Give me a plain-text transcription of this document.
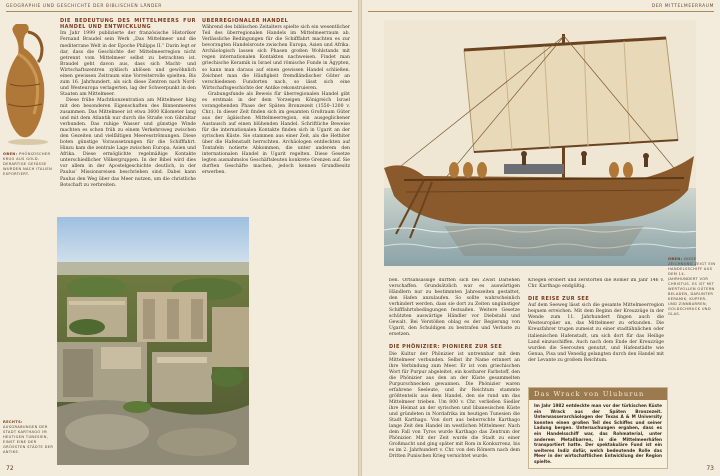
GEOGRAPHIE UND GESCHICHTE DER BIBLISCHEN LÄNDER
OBEN: PHÖNIZISCHER KRUG AUS GOLD. DERARTIGE GEFÄSSE WURDEN NACH ITALIEN EXPORTIERT.
DIE BEDEUTUNG DES MITTELMEERS FÜR HANDEL UND ENTWICKLUNG

Im Jahr 1999 publizierte der französische Historiker Fernand Braudel sein Werk „Das Mittelmeer und die mediterrane Welt in der Epoche Philipps II.“ Darin legt er dar, dass die Geschichte der Mittelmeerregion nicht getrennt vom Mittelmeer selbst zu betrachten ist. Braudel geht davon aus, dass sich Macht- und Wirtschaftszentren zyklisch ablösen und gewöhnlich einen gewissen Zeitraum eine Vorreiterrolle spielten. Bis zum 16. Jahrhundert, als sich diese Zentren nach Nord- und Westeuropa verlagerten, lag der Schwerpunkt in den Staaten am Mittelmeer.

Diese frühe Machtkonzentration am Mittelmeer hing mit den besonderen Eigenschaften des Binnenmeeres zusammen. Das Mittelmeer ist etwa 3600 Kilometer lang und mit dem Atlantik nur durch die Straße von Gibraltar verbunden. Das ruhige Wasser und günstige Winde machten es schon früh zu einem Verkehrsweg zwischen den Gezeiten und vielfältigen Meeresströmungen. Diese boten günstige Voraussetzungen für die Schifffahrt. Hinzu kam die zentrale Lage zwischen Europa, Asien und Afrika. Diese ermöglichte regelmäßige Kontakte unterschiedlicher Völkergruppen. In der Bibel wird dies vor allem in der Apostelgeschichte deutlich, in der Paulus’ Missionsreisen beschrieben sind. Dabei kann Paulus den Weg über das Meer nutzen, um die christliche Botschaft zu verbreiten.

ÜBERREGIONALER HANDEL

Während des biblischen Zeitalters spielte sich ein wesentlicher Teil des überregionalen Handels im Mittelmeerraum ab. Verlässliche Bedingungen für die Schifffahrt machten es zur bevorzugten Handelsroute zwischen Europa, Asien und Afrika. Archäologisch lassen sich Phasen großen Wohlstands mit regen internationalen Kontakten nachweisen. Findet man griechische Keramik in Israel und römische Funde in Ägypten, so kann man daraus auf einen gewissen Handel schließen. Zeichnet man die Häufigkeit fremdländischer Güter an verschiedenen Fundorten nach, so lässt sich eine Wirtschaftsgeschichte der Antike rekonstruieren.

Grabungsfunde als Beweis für überregionalen Handel gibt es erstmals in der dem Vorzeigen Königreich Israel vorangehenden Phase der Späten Bronzezeit (1550–1200 v. Chr.). In dieser Zeit finden sich im gesamten Großraum Güter aus der ägäischen Mittelmeerregion, ein ausgeglichener Austausch auf einen blühenden Handel. Schriftliche Beweise für die internationalen Kontakte finden sich in Ugarit an der syrischen Küste. Sie stammen aus einer Zeit, als die Hethiter über die Hafenstadt herrschten. Archäologen entdeckten auf Tontafeln notierte Abkommen, die unter anderem den internationalen Handel in Ugarit regelten. Diese Gesetze legten ausnahmslos Geschäftsleuten konkrete Grenzen auf. Sie durften Geschäfte machen, jedoch kennen Grundbesitz erwerben.

RECHTS: AUSGRABUNGEN DER STADT KARTHAGO IM HEUTIGEN TUNESIEN, EINST EINE DER GRÖSSTEN STÄDTE DER ANTIKE.
72
DER MITTELMEERRAUM
OBEN: DIESE ZEICHNUNG ZEIGT EIN HANDELSSCHIFF AUS DEM 14. JAHRHUNDERT VOR CHRISTUS. ES IST MIT WERTVOLLEN GÜTERN BELADEN, DARUNTER KERAMIK, KUPFER- UND ZINNBARREN, GOLDSCHMUCK UND GLAS.

ben. Ortsansässige durften sich bei Zwist Darlehen verschaffen. Grundsätzlich war es auswärtigen Händlern nur zu bestimmten Jahreszeiten gestattet, den Hafen anzulaufen. So sollte wahrscheinlich verhindert werden, dass sie dort zu Zeiten ungünstiger Schifffahrtsbedingungen festsaßen. Weitere Gesetze schützten auswärtige Händler vor Diebstahl und Gewalt. Bei Verstößen oblag es der Regierung von Ugarit, den Schuldigen zu bestrafen und Verluste zu ersetzen.

DIE PHÖNIZIER: PIONIERE ZUR SEE

Die Kultur der Phönizier ist untrennbar mit dem Mittelmeer verbunden. Selbst ihr Name erinnert an ihre Verbindung zum Meer. Er ist vom griechischen Wort für Purpur abgeleitet, ein kostbarer Farbstoff, den die Phönizier aus den an der Küste gesammelten Purpurschnecken gewannen. Die Phönizier waren erfahrene Seeleute, und ihr Reichtum stammte größtenteils aus dem Handel, den sie rund um das Mittelmeer trieben. Um 800 v. Chr. verließen Siedler ihre Heimat an der syrischen und libanesischen Küste und gründeten in Nordafrika im heutigen Tunesien die Stadt Karthago. Von dort aus beherrschte Karthago lange Zeit den Handel im westlichen Mittelmeer. Nach dem Fall von Tyros wurde Karthago das Zentrum der Phönizier. Mit der Zeit wurde die Stadt zu einer Großmacht und ging später mit Rom in Konkurrenz, bis es im 2. Jahrhundert v. Chr. von den Römern nach dem Dritten Punischen Krieg vernichtet wurde.

Kriegen erobert und zerstörten die Römer im Jahr 146 v. Chr. Karthago endgültig.

DIE REISE ZUR SEE

Auf dem Seeweg lässt sich die gesamte Mittelmeerregion bequem erreichen. Mit dem Beginn der Kreuzzüge in der Wende zum 11. Jahrhundert fingen auch die Westeuropäer an, das Mittelmeer zu erkunden. Die Kreuzfahrer trugen zumeist zu einer stadtähnlichen oder italienischen Hafenstadt, um sich dort für das Heilige Land einzuschiffen. Auch nach dem Ende der Kreuzzüge wurden die Seerouten genutzt, und Hafenstädte wie Genua, Pisa und Venedig gelangten durch den Handel mit der Levante zu großem Reichtum.

73
Das Wrack von Uluburun
Im Jahr 1982 entdeckte man vor der türkischen Küste ein Wrack aus der Späten Bronzezeit. Unterwasserarchäologen der Texas A & M University konnten einen großen Teil des Schiffes und seiner Ladung bergen. Untersuchungen ergaben, dass es ein Handelsschiff war, das Rohmaterial, unter anderem Metallbarren, in die Mittelmeerhäfen transportiert hatte. Der spektakuläre Fund ist ein weiteres Indiz dafür, welch bedeutende Rolle das Meer in der wirtschaftlichen Entwicklung der Region spielte.
